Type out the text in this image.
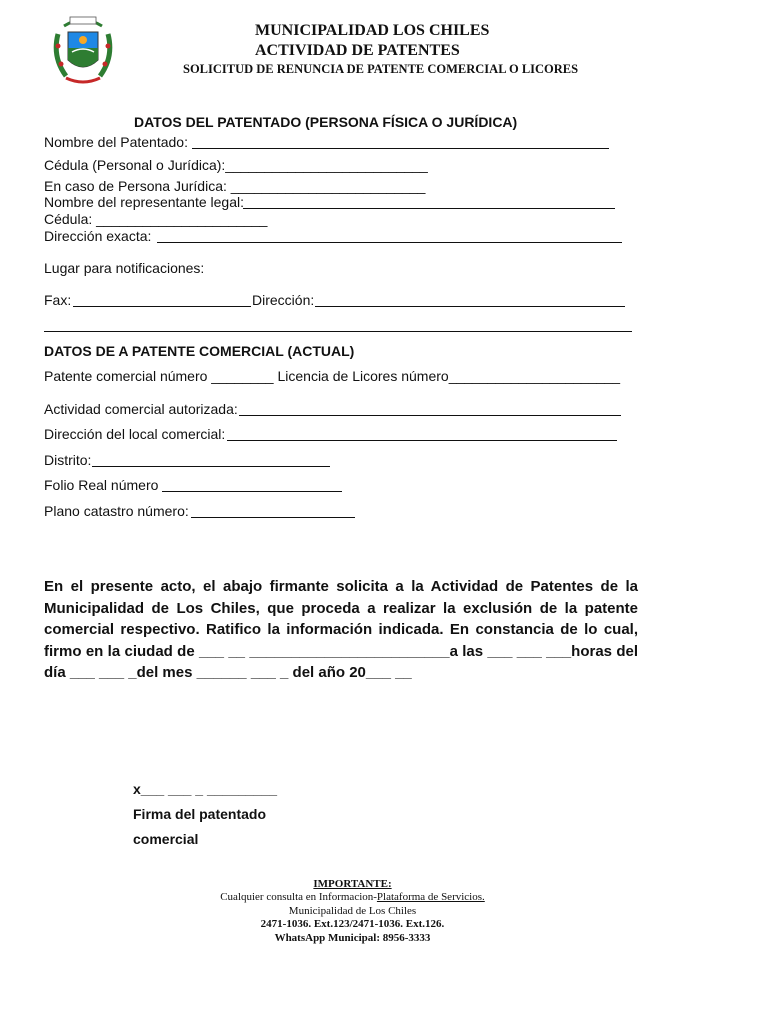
MUNICIPALIDAD LOS CHILES
ACTIVIDAD DE PATENTES
SOLICITUD DE RENUNCIA DE PATENTE COMERCIAL O LICORES
DATOS DEL PATENTADO (PERSONA FÍSICA O JURÍDICA)
Nombre del Patentado:
Cédula (Personal o Jurídica):__________________________
En caso de Persona Jurídica: _________________________
Nombre del representante legal:
Cédula: ______________________
Dirección exacta:
Lugar para notificaciones:
Fax:	Dirección:
DATOS DE A PATENTE COMERCIAL (ACTUAL)
Patente comercial número ________ Licencia de Licores número______________________
Actividad comercial autorizada:
Dirección del local comercial:
Distrito:
Folio Real número
Plano catastro número:
En el presente acto, el abajo firmante solicita a la Actividad de Patentes de la Municipalidad de Los Chiles, que proceda a realizar la exclusión de la patente comercial respectivo. Ratifico la información indicada. En constancia de lo cual, firmo en la ciudad de ___ __ ________________________a las ___ ___ ___horas del día ___ ___ _del mes ______ ___ _ del año 20___ __
x___ ___ _ _________
Firma del patentado
comercial
IMPORTANTE:
Cualquier consulta en Informacion-Plataforma de Servicios.
Municipalidad de Los Chiles
2471-1036. Ext.123/2471-1036. Ext.126.
WhatsApp Municipal: 8956-3333
